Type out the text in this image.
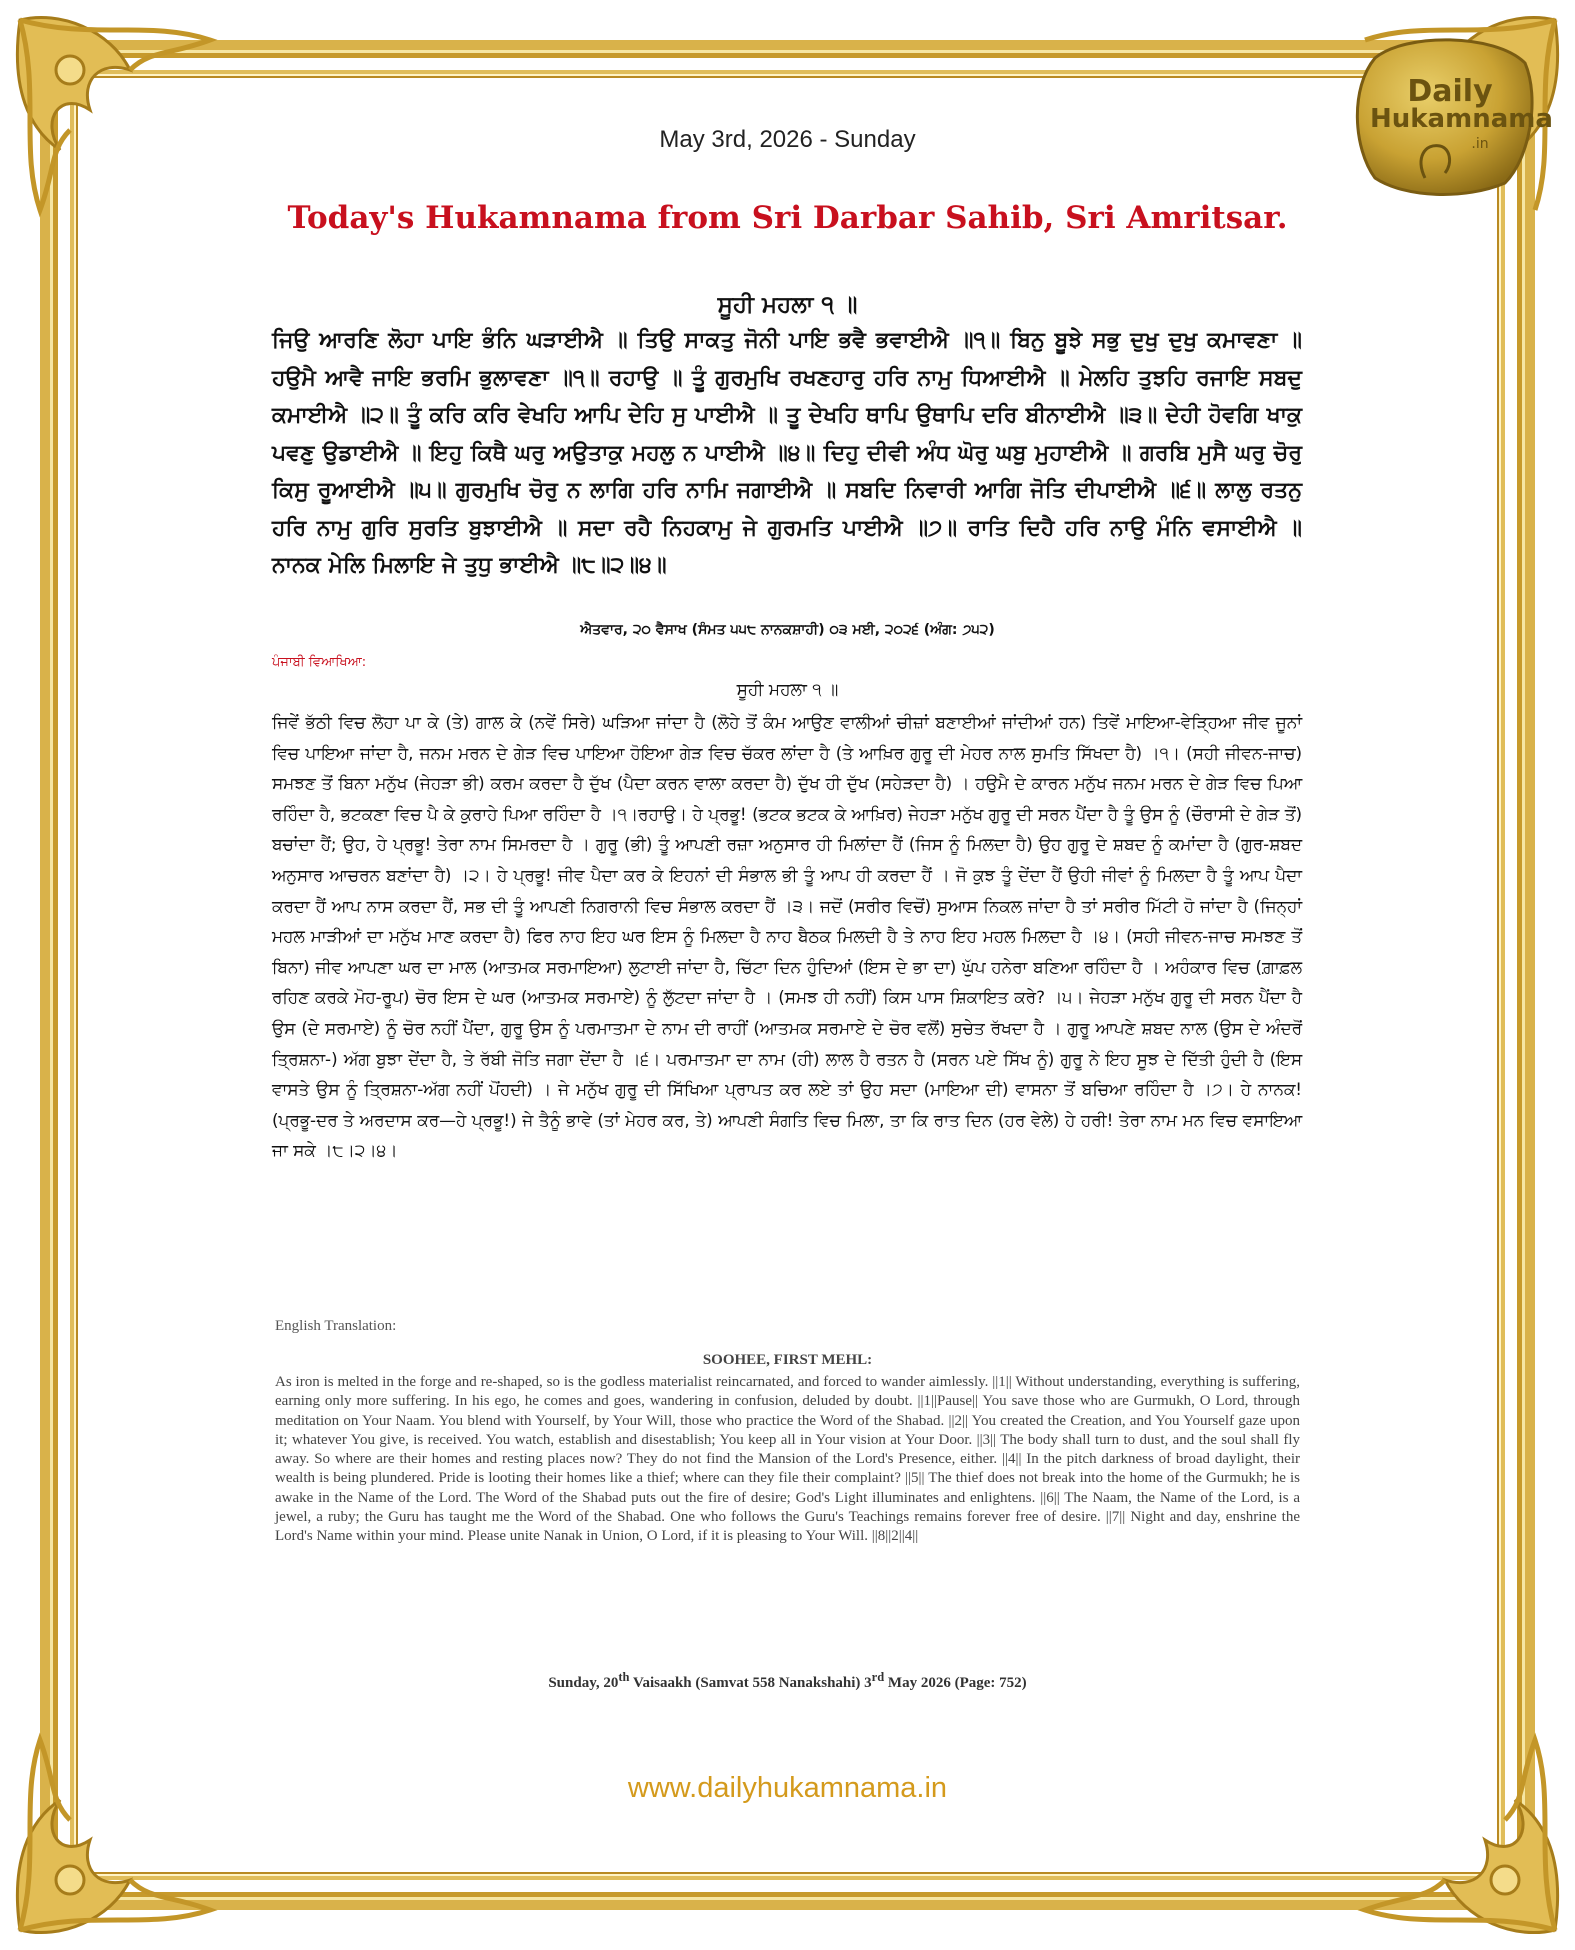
Daily
Hukamnama
.in
May 3rd, 2026 - Sunday
Today's Hukamnama from Sri Darbar Sahib, Sri Amritsar.
ਸੂਹੀ ਮਹਲਾ ੧ ॥
ਜਿਉ ਆਰਣਿ ਲੋਹਾ ਪਾਇ ਭੰਨਿ ਘੜਾਈਐ ॥ ਤਿਉ ਸਾਕਤੁ ਜੋਨੀ ਪਾਇ ਭਵੈ ਭਵਾਈਐ ॥੧॥ ਬਿਨੁ ਬੂਝੇ ਸਭੁ ਦੁਖੁ ਦੁਖੁ ਕਮਾਵਣਾ ॥ ਹਉਮੈ ਆਵੈ ਜਾਇ ਭਰਮਿ ਭੁਲਾਵਣਾ ॥੧॥ ਰਹਾਉ ॥ ਤੂੰ ਗੁਰਮੁਖਿ ਰਖਣਹਾਰੁ ਹਰਿ ਨਾਮੁ ਧਿਆਈਐ ॥ ਮੇਲਹਿ ਤੁਝਹਿ ਰਜਾਇ ਸਬਦੁ ਕਮਾਈਐ ॥੨॥ ਤੂੰ ਕਰਿ ਕਰਿ ਵੇਖਹਿ ਆਪਿ ਦੇਹਿ ਸੁ ਪਾਈਐ ॥ ਤੂ ਦੇਖਹਿ ਥਾਪਿ ਉਥਾਪਿ ਦਰਿ ਬੀਨਾਈਐ ॥੩॥ ਦੇਹੀ ਹੋਵਗਿ ਖਾਕੁ ਪਵਣੁ ਉਡਾਈਐ ॥ ਇਹੁ ਕਿਥੈ ਘਰੁ ਅਉਤਾਕੁ ਮਹਲੁ ਨ ਪਾਈਐ ॥੪॥ ਦਿਹੁ ਦੀਵੀ ਅੰਧ ਘੋਰੁ ਘਬੁ ਮੁਹਾਈਐ ॥ ਗਰਬਿ ਮੁਸੈ ਘਰੁ ਚੋਰੁ ਕਿਸੁ ਰੂਆਈਐ ॥੫॥ ਗੁਰਮੁਖਿ ਚੋਰੁ ਨ ਲਾਗਿ ਹਰਿ ਨਾਮਿ ਜਗਾਈਐ ॥ ਸਬਦਿ ਨਿਵਾਰੀ ਆਗਿ ਜੋਤਿ ਦੀਪਾਈਐ ॥੬॥ ਲਾਲੁ ਰਤਨੁ ਹਰਿ ਨਾਮੁ ਗੁਰਿ ਸੁਰਤਿ ਬੁਝਾਈਐ ॥ ਸਦਾ ਰਹੈ ਨਿਹਕਾਮੁ ਜੇ ਗੁਰਮਤਿ ਪਾਈਐ ॥੭॥ ਰਾਤਿ ਦਿਹੈ ਹਰਿ ਨਾਉ ਮੰਨਿ ਵਸਾਈਐ ॥ ਨਾਨਕ ਮੇਲਿ ਮਿਲਾਇ ਜੇ ਤੁਧੁ ਭਾਈਐ ॥੮॥੨॥੪॥
ਐਤਵਾਰ, ੨੦ ਵੈਸਾਖ (ਸੰਮਤ ੫੫੮ ਨਾਨਕਸ਼ਾਹੀ) ੦੩ ਮਈ, ੨੦੨੬ (ਅੰਗ: ੭੫੨)
ਪੰਜਾਬੀ ਵਿਆਖਿਆ:
ਸੂਹੀ ਮਹਲਾ ੧ ॥
ਜਿਵੇਂ ਭੱਠੀ ਵਿਚ ਲੋਹਾ ਪਾ ਕੇ (ਤੇ) ਗਾਲ ਕੇ (ਨਵੇਂ ਸਿਰੇ) ਘੜਿਆ ਜਾਂਦਾ ਹੈ (ਲੋਹੇ ਤੋਂ ਕੰਮ ਆਉਣ ਵਾਲੀਆਂ ਚੀਜ਼ਾਂ ਬਣਾਈਆਂ ਜਾਂਦੀਆਂ ਹਨ) ਤਿਵੇਂ ਮਾਇਆ-ਵੇੜ੍ਹਿਆ ਜੀਵ ਜੂਨਾਂ ਵਿਚ ਪਾਇਆ ਜਾਂਦਾ ਹੈ, ਜਨਮ ਮਰਨ ਦੇ ਗੇੜ ਵਿਚ ਪਾਇਆ ਹੋਇਆ ਗੇੜ ਵਿਚ ਚੱਕਰ ਲਾਂਦਾ ਹੈ (ਤੇ ਆਖ਼ਿਰ ਗੁਰੂ ਦੀ ਮੇਹਰ ਨਾਲ ਸੁਮਤਿ ਸਿੱਖਦਾ ਹੈ) ।੧। (ਸਹੀ ਜੀਵਨ-ਜਾਚ) ਸਮਝਣ ਤੋਂ ਬਿਨਾ ਮਨੁੱਖ (ਜੇਹੜਾ ਭੀ) ਕਰਮ ਕਰਦਾ ਹੈ ਦੁੱਖ (ਪੈਦਾ ਕਰਨ ਵਾਲਾ ਕਰਦਾ ਹੈ) ਦੁੱਖ ਹੀ ਦੁੱਖ (ਸਹੇੜਦਾ ਹੈ) । ਹਉਮੈ ਦੇ ਕਾਰਨ ਮਨੁੱਖ ਜਨਮ ਮਰਨ ਦੇ ਗੇੜ ਵਿਚ ਪਿਆ ਰਹਿੰਦਾ ਹੈ, ਭਟਕਣਾ ਵਿਚ ਪੈ ਕੇ ਕੁਰਾਹੇ ਪਿਆ ਰਹਿੰਦਾ ਹੈ ।੧।ਰਹਾਉ। ਹੇ ਪ੍ਰਭੂ! (ਭਟਕ ਭਟਕ ਕੇ ਆਖ਼ਿਰ) ਜੇਹੜਾ ਮਨੁੱਖ ਗੁਰੂ ਦੀ ਸਰਨ ਪੈਂਦਾ ਹੈ ਤੂੰ ਉਸ ਨੂੰ (ਚੌਰਾਸੀ ਦੇ ਗੇੜ ਤੋਂ) ਬਚਾਂਦਾ ਹੈਂ; ਉਹ, ਹੇ ਪ੍ਰਭੂ! ਤੇਰਾ ਨਾਮ ਸਿਮਰਦਾ ਹੈ । ਗੁਰੂ (ਭੀ) ਤੂੰ ਆਪਣੀ ਰਜ਼ਾ ਅਨੁਸਾਰ ਹੀ ਮਿਲਾਂਦਾ ਹੈਂ (ਜਿਸ ਨੂੰ ਮਿਲਦਾ ਹੈ) ਉਹ ਗੁਰੂ ਦੇ ਸ਼ਬਦ ਨੂੰ ਕਮਾਂਦਾ ਹੈ (ਗੁਰ-ਸ਼ਬਦ ਅਨੁਸਾਰ ਆਚਰਨ ਬਣਾਂਦਾ ਹੈ) ।੨। ਹੇ ਪ੍ਰਭੂ! ਜੀਵ ਪੈਦਾ ਕਰ ਕੇ ਇਹਨਾਂ ਦੀ ਸੰਭਾਲ ਭੀ ਤੂੰ ਆਪ ਹੀ ਕਰਦਾ ਹੈਂ । ਜੋ ਕੁਝ ਤੂੰ ਦੇਂਦਾ ਹੈਂ ਉਹੀ ਜੀਵਾਂ ਨੂੰ ਮਿਲਦਾ ਹੈ ਤੂੰ ਆਪ ਪੈਦਾ ਕਰਦਾ ਹੈਂ ਆਪ ਨਾਸ ਕਰਦਾ ਹੈਂ, ਸਭ ਦੀ ਤੂੰ ਆਪਣੀ ਨਿਗਰਾਨੀ ਵਿਚ ਸੰਭਾਲ ਕਰਦਾ ਹੈਂ ।੩। ਜਦੋਂ (ਸਰੀਰ ਵਿਚੋਂ) ਸੁਆਸ ਨਿਕਲ ਜਾਂਦਾ ਹੈ ਤਾਂ ਸਰੀਰ ਮਿੱਟੀ ਹੋ ਜਾਂਦਾ ਹੈ (ਜਿਨ੍ਹਾਂ ਮਹਲ ਮਾੜੀਆਂ ਦਾ ਮਨੁੱਖ ਮਾਣ ਕਰਦਾ ਹੈ) ਫਿਰ ਨਾਹ ਇਹ ਘਰ ਇਸ ਨੂੰ ਮਿਲਦਾ ਹੈ ਨਾਹ ਬੈਠਕ ਮਿਲਦੀ ਹੈ ਤੇ ਨਾਹ ਇਹ ਮਹਲ ਮਿਲਦਾ ਹੈ ।੪। (ਸਹੀ ਜੀਵਨ-ਜਾਚ ਸਮਝਣ ਤੋਂ ਬਿਨਾ) ਜੀਵ ਆਪਣਾ ਘਰ ਦਾ ਮਾਲ (ਆਤਮਕ ਸਰਮਾਇਆ) ਲੁਟਾਈ ਜਾਂਦਾ ਹੈ, ਚਿੱਟਾ ਦਿਨ ਹੁੰਦਿਆਂ (ਇਸ ਦੇ ਭਾ ਦਾ) ਘੁੱਪ ਹਨੇਰਾ ਬਣਿਆ ਰਹਿੰਦਾ ਹੈ । ਅਹੰਕਾਰ ਵਿਚ (ਗ਼ਾਫ਼ਲ ਰਹਿਣ ਕਰਕੇ ਮੋਹ-ਰੂਪ) ਚੋਰ ਇਸ ਦੇ ਘਰ (ਆਤਮਕ ਸਰਮਾਏ) ਨੂੰ ਲੁੱਟਦਾ ਜਾਂਦਾ ਹੈ । (ਸਮਝ ਹੀ ਨਹੀਂ) ਕਿਸ ਪਾਸ ਸ਼ਿਕਾਇਤ ਕਰੇ? ।੫। ਜੇਹੜਾ ਮਨੁੱਖ ਗੁਰੂ ਦੀ ਸਰਨ ਪੈਂਦਾ ਹੈ ਉਸ (ਦੇ ਸਰਮਾਏ) ਨੂੰ ਚੋਰ ਨਹੀਂ ਪੈਂਦਾ, ਗੁਰੂ ਉਸ ਨੂੰ ਪਰਮਾਤਮਾ ਦੇ ਨਾਮ ਦੀ ਰਾਹੀਂ (ਆਤਮਕ ਸਰਮਾਏ ਦੇ ਚੋਰ ਵਲੋਂ) ਸੁਚੇਤ ਰੱਖਦਾ ਹੈ । ਗੁਰੂ ਆਪਣੇ ਸ਼ਬਦ ਨਾਲ (ਉਸ ਦੇ ਅੰਦਰੋਂ ਤ੍ਰਿਸ਼ਨਾ-) ਅੱਗ ਬੁਝਾ ਦੇਂਦਾ ਹੈ, ਤੇ ਰੱਬੀ ਜੋਤਿ ਜਗਾ ਦੇਂਦਾ ਹੈ ।੬। ਪਰਮਾਤਮਾ ਦਾ ਨਾਮ (ਹੀ) ਲਾਲ ਹੈ ਰਤਨ ਹੈ (ਸਰਨ ਪਏ ਸਿੱਖ ਨੂੰ) ਗੁਰੂ ਨੇ ਇਹ ਸੂਝ ਦੇ ਦਿੱਤੀ ਹੁੰਦੀ ਹੈ (ਇਸ ਵਾਸਤੇ ਉਸ ਨੂੰ ਤ੍ਰਿਸ਼ਨਾ-ਅੱਗ ਨਹੀਂ ਪੋਂਹਦੀ) । ਜੇ ਮਨੁੱਖ ਗੁਰੂ ਦੀ ਸਿੱਖਿਆ ਪ੍ਰਾਪਤ ਕਰ ਲਏ ਤਾਂ ਉਹ ਸਦਾ (ਮਾਇਆ ਦੀ) ਵਾਸਨਾ ਤੋਂ ਬਚਿਆ ਰਹਿੰਦਾ ਹੈ ।੭। ਹੇ ਨਾਨਕ! (ਪ੍ਰਭੂ-ਦਰ ਤੇ ਅਰਦਾਸ ਕਰ—ਹੇ ਪ੍ਰਭੂ!) ਜੇ ਤੈਨੂੰ ਭਾਵੇ (ਤਾਂ ਮੇਹਰ ਕਰ, ਤੇ) ਆਪਣੀ ਸੰਗਤਿ ਵਿਚ ਮਿਲਾ, ਤਾ ਕਿ ਰਾਤ ਦਿਨ (ਹਰ ਵੇਲੇ) ਹੇ ਹਰੀ! ਤੇਰਾ ਨਾਮ ਮਨ ਵਿਚ ਵਸਾਇਆ ਜਾ ਸਕੇ ।੮।੨।੪।
English Translation:
SOOHEE, FIRST MEHL:
As iron is melted in the forge and re-shaped, so is the godless materialist reincarnated, and forced to wander aimlessly. ||1|| Without understanding, everything is suffering, earning only more suffering. In his ego, he comes and goes, wandering in confusion, deluded by doubt. ||1||Pause|| You save those who are Gurmukh, O Lord, through meditation on Your Naam. You blend with Yourself, by Your Will, those who practice the Word of the Shabad. ||2|| You created the Creation, and You Yourself gaze upon it; whatever You give, is received. You watch, establish and disestablish; You keep all in Your vision at Your Door. ||3|| The body shall turn to dust, and the soul shall fly away. So where are their homes and resting places now? They do not find the Mansion of the Lord's Presence, either. ||4|| In the pitch darkness of broad daylight, their wealth is being plundered. Pride is looting their homes like a thief; where can they file their complaint? ||5|| The thief does not break into the home of the Gurmukh; he is awake in the Name of the Lord. The Word of the Shabad puts out the fire of desire; God's Light illuminates and enlightens. ||6|| The Naam, the Name of the Lord, is a jewel, a ruby; the Guru has taught me the Word of the Shabad. One who follows the Guru's Teachings remains forever free of desire. ||7|| Night and day, enshrine the Lord's Name within your mind. Please unite Nanak in Union, O Lord, if it is pleasing to Your Will. ||8||2||4||
Sunday, 20th Vaisaakh (Samvat 558 Nanakshahi) 3rd May 2026 (Page: 752)
www.dailyhukamnama.in
